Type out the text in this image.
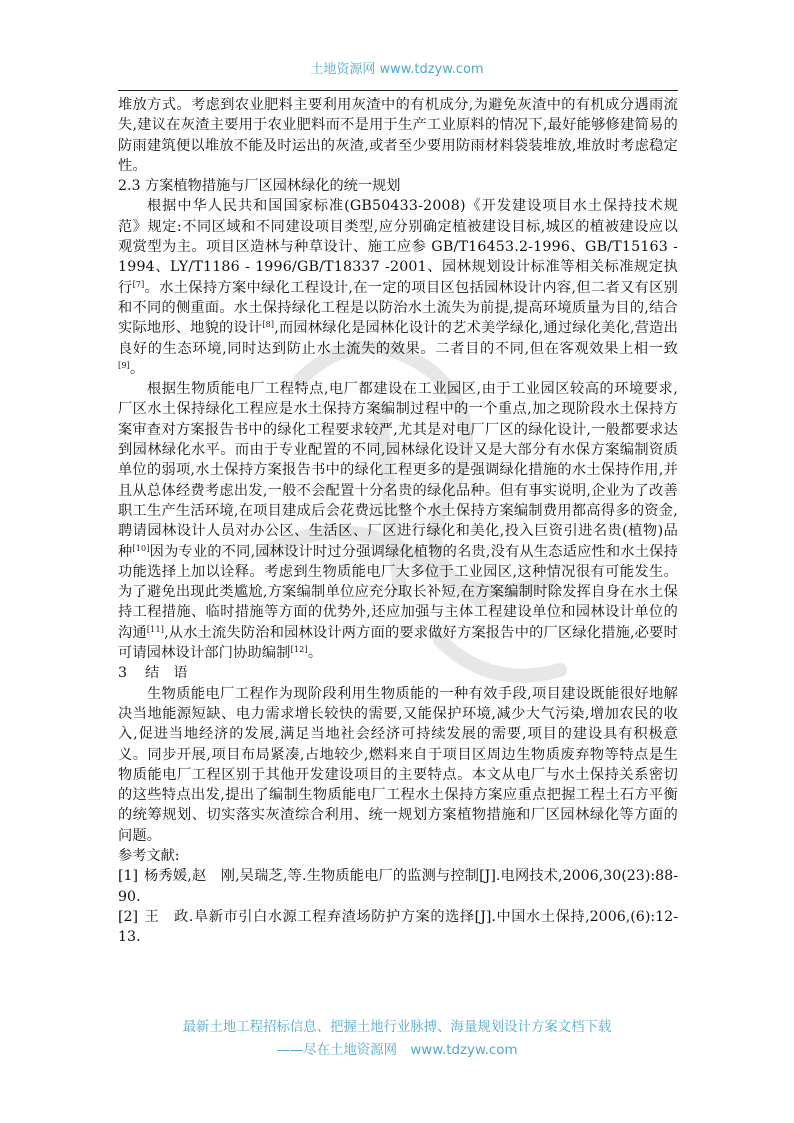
土地资源网 www.tdzyw.com

堆放方式。考虑到农业肥料主要利用灰渣中的有机成分,为避免灰渣中的有机成分遇雨流失,建议在灰渣主要用于农业肥料而不是用于生产工业原料的情况下,最好能够修建简易的防雨建筑便以堆放不能及时运出的灰渣,或者至少要用防雨材料袋装堆放,堆放时考虑稳定性。

2.3 方案植物措施与厂区园林绿化的统一规划

根据中华人民共和国国家标准(GB50433-2008)《开发建设项目水土保持技术规范》规定:不同区域和不同建设项目类型,应分别确定植被建设目标,城区的植被建设应以观赏型为主。项目区造林与种草设计、施工应参 GB/T16453.2-1996、GB/T15163 - 1994、LY/T1186 - 1996/GB/T18337 -2001、园林规划设计标准等相关标准规定执行[7]。水土保持方案中绿化工程设计,在一定的项目区包括园林设计内容,但二者又有区别和不同的侧重面。水土保持绿化工程是以防治水土流失为前提,提高环境质量为目的,结合实际地形、地貌的设计[8],而园林绿化是园林化设计的艺术美学绿化,通过绿化美化,营造出良好的生态环境,同时达到防止水土流失的效果。二者目的不同,但在客观效果上相一致[9]。

根据生物质能电厂工程特点,电厂都建设在工业园区,由于工业园区较高的环境要求,厂区水土保持绿化工程应是水土保持方案编制过程中的一个重点,加之现阶段水土保持方案审查对方案报告书中的绿化工程要求较严,尤其是对电厂厂区的绿化设计,一般都要求达到园林绿化水平。而由于专业配置的不同,园林绿化设计又是大部分有水保方案编制资质单位的弱项,水土保持方案报告书中的绿化工程更多的是强调绿化措施的水土保持作用,并且从总体经费考虑出发,一般不会配置十分名贵的绿化品种。但有事实说明,企业为了改善职工生产生活环境,在项目建成后会花费远比整个水土保持方案编制费用都高得多的资金,聘请园林设计人员对办公区、生活区、厂区进行绿化和美化,投入巨资引进名贵(植物)品种[10]因为专业的不同,园林设计时过分强调绿化植物的名贵,没有从生态适应性和水土保持功能选择上加以诠释。考虑到生物质能电厂大多位于工业园区,这种情况很有可能发生。为了避免出现此类尴尬,方案编制单位应充分取长补短,在方案编制时除发挥自身在水土保持工程措施、临时措施等方面的优势外,还应加强与主体工程建设单位和园林设计单位的沟通[11],从水土流失防治和园林设计两方面的要求做好方案报告中的厂区绿化措施,必要时可请园林设计部门协助编制[12]。

3 结　语

生物质能电厂工程作为现阶段利用生物质能的一种有效手段,项目建设既能很好地解决当地能源短缺、电力需求增长较快的需要,又能保护环境,减少大气污染,增加农民的收入,促进当地经济的发展,满足当地社会经济可持续发展的需要,项目的建设具有积极意义。同步开展,项目布局紧凑,占地较少,燃料来自于项目区周边生物质废弃物等特点是生物质能电厂工程区别于其他开发建设项目的主要特点。本文从电厂与水土保持关系密切的这些特点出发,提出了编制生物质能电厂工程水土保持方案应重点把握工程土石方平衡的统筹规划、切实落实灰渣综合利用、统一规划方案植物措施和厂区园林绿化等方面的问题。

参考文献:

[1] 杨秀媛,赵　刚,吴瑞芝,等.生物质能电厂的监测与控制[J].电网技术,2006,30(23):88-90.

[2] 王　政.阜新市引白水源工程弃渣场防护方案的选择[J].中国水土保持,2006,(6):12-13.

最新土地工程招标信息、把握土地行业脉搏、海量规划设计方案文档下载
——尽在土地资源网　www.tdzyw.com
